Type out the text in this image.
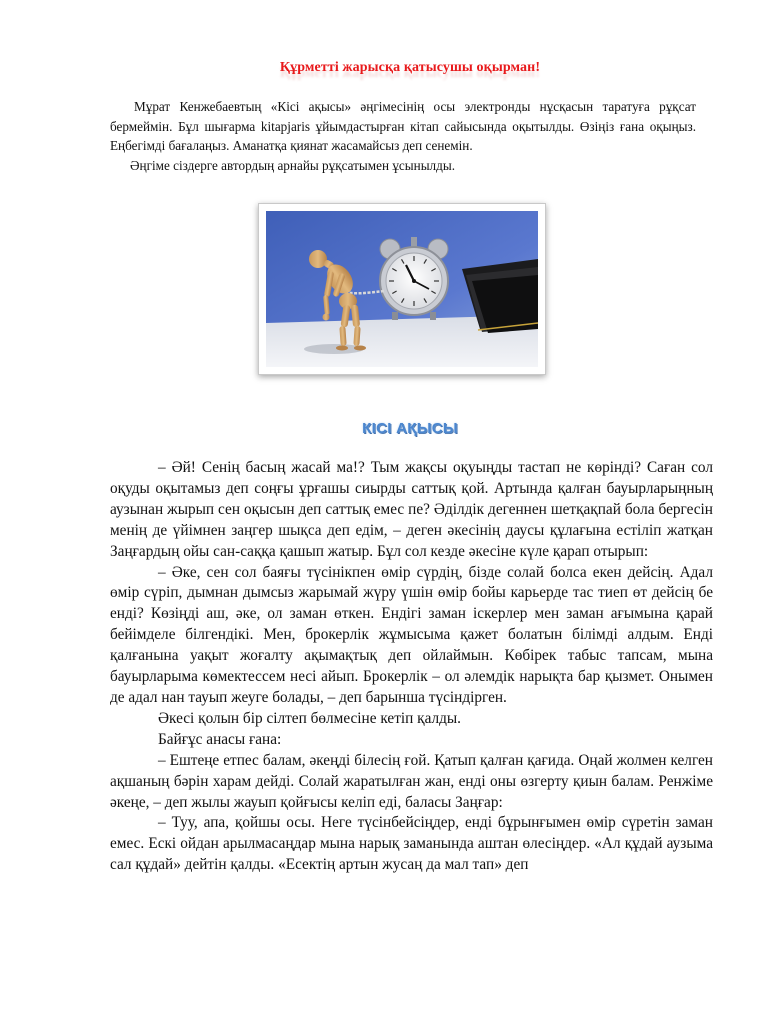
Құрметті жарысқа қатысушы оқырман!

Мұрат Кенжебаевтың «Кісі ақысы» әңгімесінің осы электронды нұсқасын таратуға рұқсат бермеймін. Бұл шығарма kitapjaris ұйымдастырған кітап сайысында оқытылды. Өзіңіз ғана оқыңыз. Еңбегімді бағалаңыз. Аманатқа қиянат жасамайсыз деп сенемін.

Әңгіме сіздерге автордың арнайы рұқсатымен ұсынылды.

КІСІ АҚЫСЫ

– Әй! Сенің басың жасай ма!? Тым жақсы оқуыңды тастап не көрінді? Саған сол оқуды оқытамыз деп соңғы ұрғашы сиырды саттық қой. Артында қалған бауырларыңның аузынан жырып сен оқысын деп саттық емес пе? Әділдік дегеннен шетқақпай бола бергесін менің де үйімнен заңгер шықса деп едім, – деген әкесінің даусы құлағына естіліп жатқан Заңғардың ойы сан-саққа қашып жатыр. Бұл сол кезде әкесіне күле қарап отырып:

– Әке, сен сол баяғы түсінікпен өмір сүрдің, бізде солай болса екен дейсің. Адал өмір сүріп, дымнан дымсыз жарымай жүру үшін өмір бойы карьерде тас тиеп өт дейсің бе енді? Көзіңді аш, әке, ол заман өткен. Ендігі заман іскерлер мен заман ағымына қарай бейімделе білгендікі. Мен, брокерлік жұмысыма қажет болатын білімді алдым. Енді қалғанына уақыт жоғалту ақымақтық деп ойлаймын. Көбірек табыс тапсам, мына бауырларыма көмектессем несі айып. Брокерлік – ол әлемдік нарықта бар қызмет. Онымен де адал нан тауып жеуге болады, – деп барынша түсіндірген.

Әкесі қолын бір сілтеп бөлмесіне кетіп қалды.

Байғұс анасы ғана:

– Ештеңе етпес балам, әкеңді білесің ғой. Қатып қалған қағида. Оңай жолмен келген ақшаның бәрін харам дейді. Солай жаратылған жан, енді оны өзгерту қиын балам. Ренжіме әкеңе, – деп жылы жауып қойғысы келіп еді, баласы Заңғар:

– Туу, апа, қойшы осы. Неге түсінбейсіңдер, енді бұрынғымен өмір сүретін заман емес. Ескі ойдан арылмасаңдар мына нарық заманында аштан өлесіңдер. «Ал құдай аузыма сал құдай» дейтін қалды. «Есектің артын жусаң да мал тап» деп
